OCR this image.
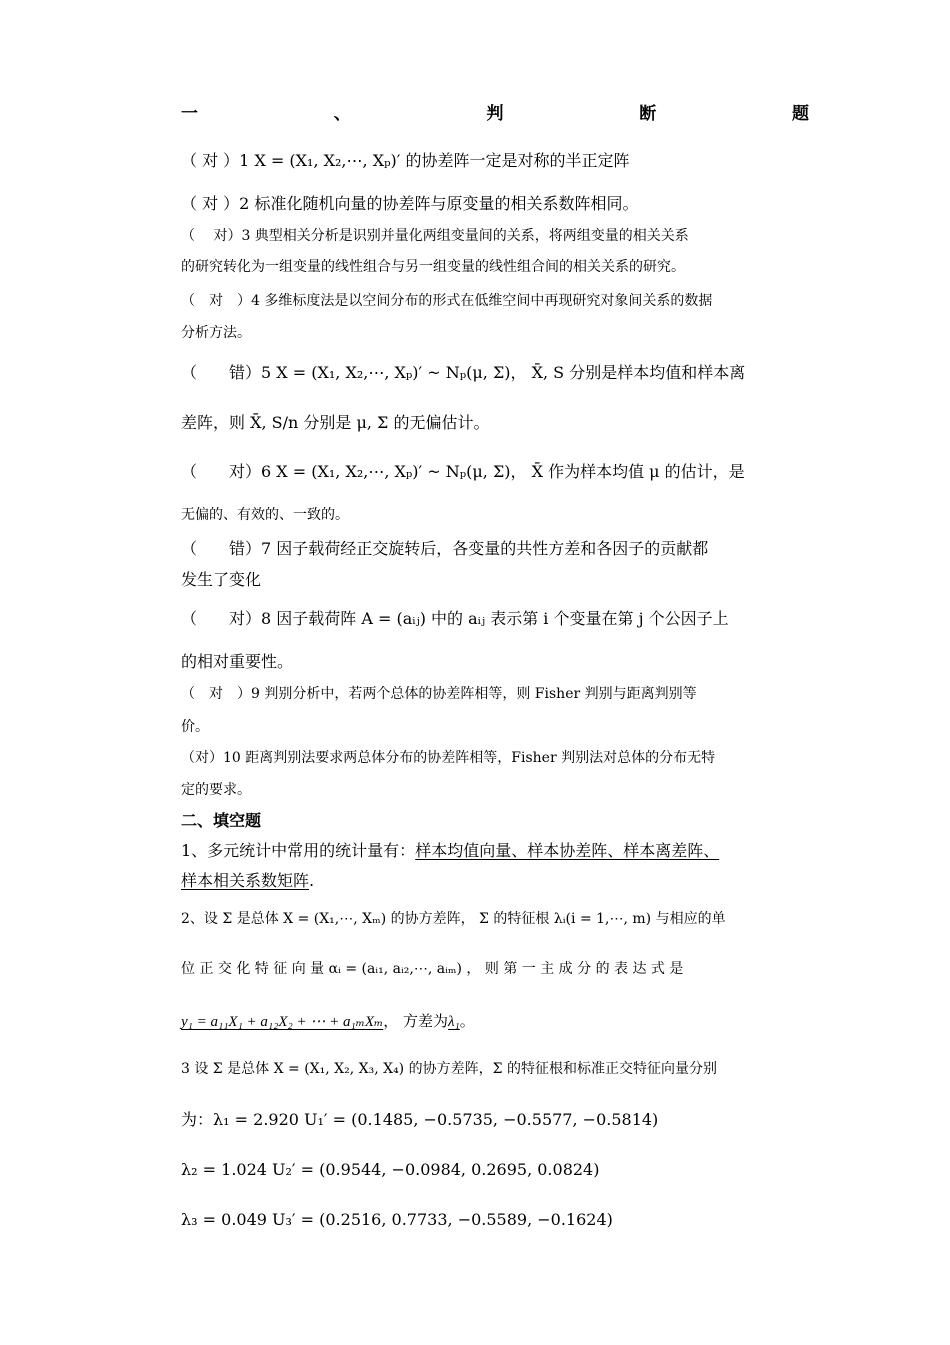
一	、	判	断	题
（ 对 ）1 X = (X₁, X₂,⋯, Xₚ)′ 的协差阵一定是对称的半正定阵
（ 对 ）2 标准化随机向量的协差阵与原变量的相关系数阵相同。
（　 对）3 典型相关分析是识别并量化两组变量间的关系，将两组变量的相关关系
的研究转化为一组变量的线性组合与另一组变量的线性组合间的相关关系的研究。
（　对　）4 多维标度法是以空间分布的形式在低维空间中再现研究对象间关系的数据
分析方法。
（　　错）5 X = (X₁, X₂,⋯, Xₚ)′ ~ Nₚ(μ, Σ)， X̄, S 分别是样本均值和样本离
差阵，则 X̄, S/n 分别是 μ, Σ 的无偏估计。
（　　对）6 X = (X₁, X₂,⋯, Xₚ)′ ~ Nₚ(μ, Σ)， X̄ 作为样本均值 μ 的估计，是
无偏的、有效的、一致的。
（　　错）7 因子载荷经正交旋转后，各变量的共性方差和各因子的贡献都
发生了变化
（　　对）8 因子载荷阵 A = (aᵢⱼ) 中的 aᵢⱼ 表示第 i 个变量在第 j 个公因子上
的相对重要性。
（　对　）9 判别分析中，若两个总体的协差阵相等，则 Fisher 判别与距离判别等
价。
（对）10 距离判别法要求两总体分布的协差阵相等，Fisher 判别法对总体的分布无特
定的要求。
二、填空题
1、多元统计中常用的统计量有：样本均值向量、样本协差阵、样本离差阵、
样本相关系数矩阵.
2、设 Σ 是总体 X = (X₁,⋯, Xₘ) 的协方差阵， Σ 的特征根 λᵢ(i = 1,⋯, m) 与相应的单
位 正 交 化 特 征 向 量 αᵢ = (aᵢ₁, aᵢ₂,⋯, aᵢₘ) ， 则 第 一 主 成 分 的 表 达 式 是
y₁ = a₁₁X₁ + a₁₂X₂ + ⋯ + a₁ₘXₘ， 方差为λ₁。
3 设 Σ 是总体 X = (X₁, X₂, X₃, X₄) 的协方差阵，Σ 的特征根和标准正交特征向量分别
为：λ₁ = 2.920 U₁′ = (0.1485, −0.5735, −0.5577, −0.5814)
λ₂ = 1.024 U₂′ = (0.9544, −0.0984, 0.2695, 0.0824)
λ₃ = 0.049 U₃′ = (0.2516, 0.7733, −0.5589, −0.1624)
